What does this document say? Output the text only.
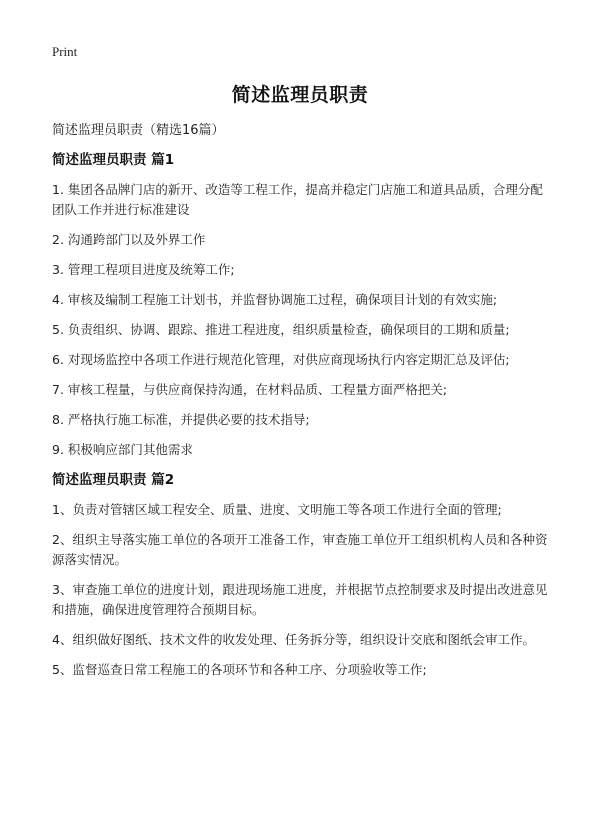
Print
简述监理员职责
简述监理员职责（精选16篇）

简述监理员职责 篇1

1. 集团各品牌门店的新开、改造等工程工作，提高并稳定门店施工和道具品质，合理分配团队工作并进行标准建设

2. 沟通跨部门以及外界工作

3. 管理工程项目进度及统筹工作;

4. 审核及编制工程施工计划书，并监督协调施工过程，确保项目计划的有效实施;

5. 负责组织、协调、跟踪、推进工程进度，组织质量检查，确保项目的工期和质量;

6. 对现场监控中各项工作进行规范化管理，对供应商现场执行内容定期汇总及评估;

7. 审核工程量，与供应商保持沟通，在材料品质、工程量方面严格把关;

8. 严格执行施工标准，并提供必要的技术指导;

9. 积极响应部门其他需求

简述监理员职责 篇2

1、负责对管辖区域工程安全、质量、进度、文明施工等各项工作进行全面的管理;

2、组织主导落实施工单位的各项开工准备工作，审查施工单位开工组织机构人员和各种资源落实情况。

3、审查施工单位的进度计划，跟进现场施工进度，并根据节点控制要求及时提出改进意见和措施，确保进度管理符合预期目标。

4、组织做好图纸、技术文件的收发处理、任务拆分等，组织设计交底和图纸会审工作。

5、监督巡查日常工程施工的各项环节和各种工序、分项验收等工作;
